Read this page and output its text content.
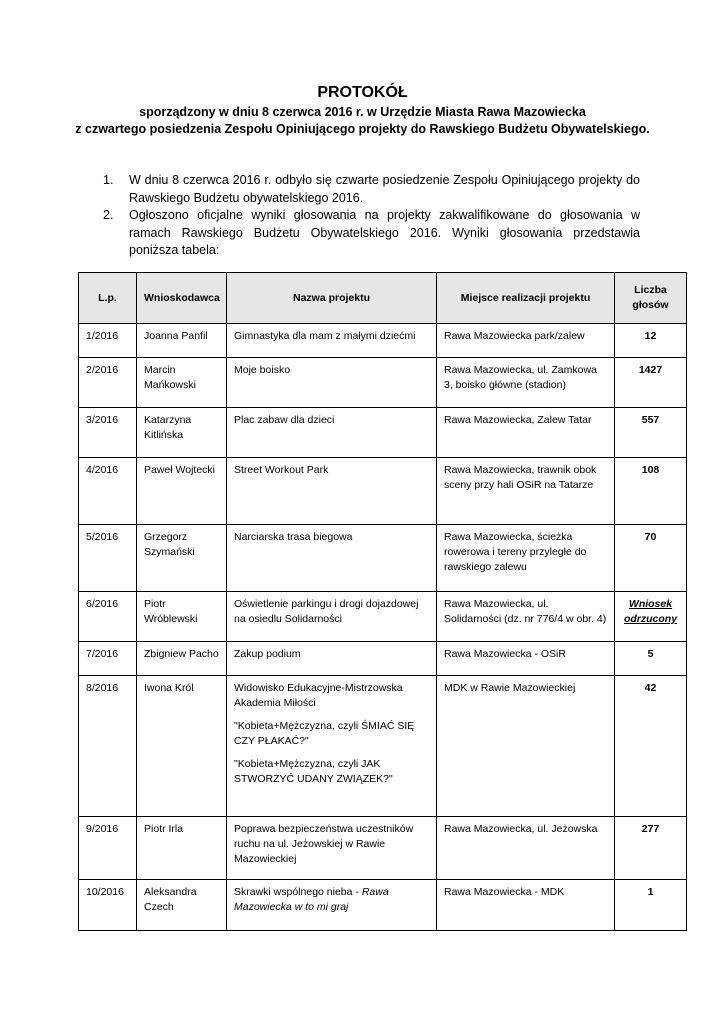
PROTOKÓŁ
sporządzony w dniu 8 czerwca 2016 r. w Urzędzie Miasta Rawa Mazowiecka
z czwartego posiedzenia Zespołu Opiniującego projekty do Rawskiego Budżetu Obywatelskiego.
1.	W dniu 8 czerwca 2016 r. odbyło się czwarte posiedzenie Zespołu Opiniującego projekty do Rawskiego Budżetu obywatelskiego 2016.
2.	Ogłoszono oficjalne wyniki głosowania na projekty zakwalifikowane do głosowania w ramach Rawskiego Budżetu Obywatelskiego 2016. Wyniki głosowania przedstawia poniższa tabela:
L.p.	Wnioskodawca	Nazwa projektu	Miejsce realizacji projektu	Liczba głosów
1/2016	Joanna Panfil	Gimnastyka dla mam z małymi dziećmi	Rawa Mazowiecka park/zalew	12
2/2016	Marcin Mańkowski	Moje boisko	Rawa Mazowiecka, ul. Zamkowa 3, boisko główne (stadion)	1427
3/2016	Katarzyna Kitlińska	Plac zabaw dla dzieci	Rawa Mazowiecka, Zalew Tatar	557
4/2016	Paweł Wojtecki	Street Workout Park	Rawa Mazowiecka, trawnik obok sceny przy hali OSiR na Tatarze	108
5/2016	Grzegorz Szymański	Narciarska trasa biegowa	Rawa Mazowiecka, ścieżka rowerowa i tereny przyległe do rawskiego zalewu	70
6/2016	Piotr Wróblewski	Oświetlenie parkingu i drogi dojazdowej na osiedlu Solidarności	Rawa Mazowiecka, ul. Solidarności (dz. nr 776/4 w obr. 4)	Wniosek odrzucony
7/2016	Zbigniew Pacho	Zakup podium	Rawa Mazowiecka - OSiR	5
8/2016	Iwona Król	Widowisko Edukacyjne-Mistrzowska Akademia Miłości
"Kobieta+Mężczyzna, czyli ŚMIAĆ SIĘ CZY PŁAKAĆ?"
"Kobieta+Mężczyzna, czyli JAK STWORZYĆ UDANY ZWIĄZEK?"	MDK w Rawie Mazowieckiej	42
9/2016	Piotr Irla	Poprawa bezpieczeństwa uczestników ruchu na ul. Jeżowskiej w Rawie Mazowieckiej	Rawa Mazowiecka, ul. Jeżowska	277
10/2016	Aleksandra Czech	Skrawki wspólnego nieba - Rawa Mazowiecka w to mi graj	Rawa Mazowiecka - MDK	1
